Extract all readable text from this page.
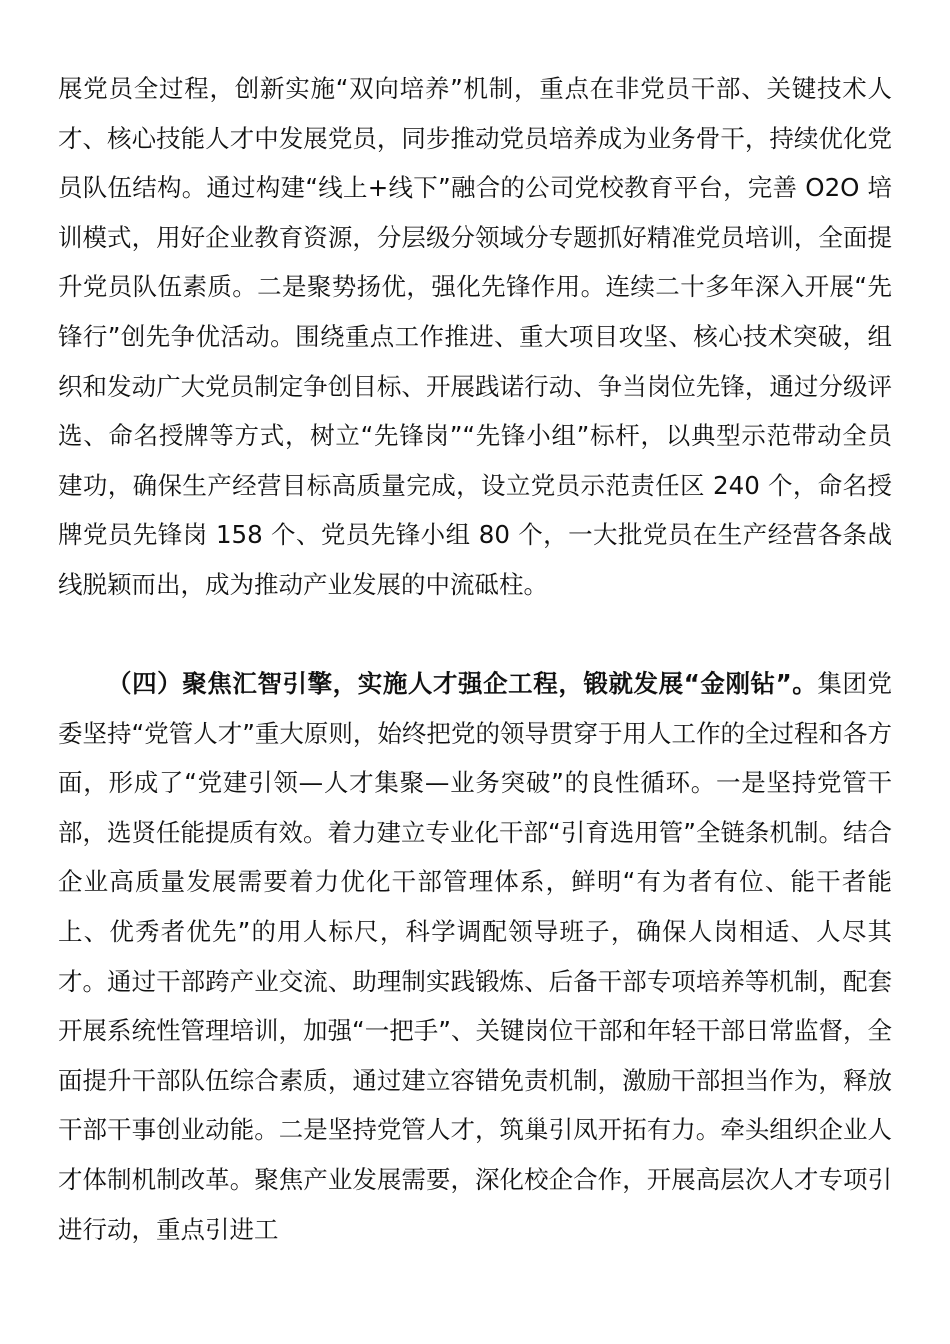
展党员全过程，创新实施“双向培养”机制，重点在非党员干部、关键技术人才、核心技能人才中发展党员，同步推动党员培养成为业务骨干，持续优化党员队伍结构。通过构建“线上+线下”融合的公司党校教育平台，完善 O2O 培训模式，用好企业教育资源，分层级分领域分专题抓好精准党员培训，全面提升党员队伍素质。二是聚势扬优，强化先锋作用。连续二十多年深入开展“先锋行”创先争优活动。围绕重点工作推进、重大项目攻坚、核心技术突破，组织和发动广大党员制定争创目标、开展践诺行动、争当岗位先锋，通过分级评选、命名授牌等方式，树立“先锋岗”“先锋小组”标杆，以典型示范带动全员建功，确保生产经营目标高质量完成，设立党员示范责任区 240 个，命名授牌党员先锋岗 158 个、党员先锋小组 80 个，一大批党员在生产经营各条战线脱颖而出，成为推动产业发展的中流砥柱。

（四）聚焦汇智引擎，实施人才强企工程，锻就发展“金刚钻”。集团党委坚持“党管人才”重大原则，始终把党的领导贯穿于用人工作的全过程和各方面，形成了“党建引领—人才集聚—业务突破”的良性循环。一是坚持党管干部，选贤任能提质有效。着力建立专业化干部“引育选用管”全链条机制。结合企业高质量发展需要着力优化干部管理体系，鲜明“有为者有位、能干者能上、优秀者优先”的用人标尺，科学调配领导班子，确保人岗相适、人尽其才。通过干部跨产业交流、助理制实践锻炼、后备干部专项培养等机制，配套开展系统性管理培训，加强“一把手”、关键岗位干部和年轻干部日常监督，全面提升干部队伍综合素质，通过建立容错免责机制，激励干部担当作为，释放干部干事创业动能。二是坚持党管人才，筑巢引凤开拓有力。牵头组织企业人才体制机制改革。聚焦产业发展需要，深化校企合作，开展高层次人才专项引进行动，重点引进工
